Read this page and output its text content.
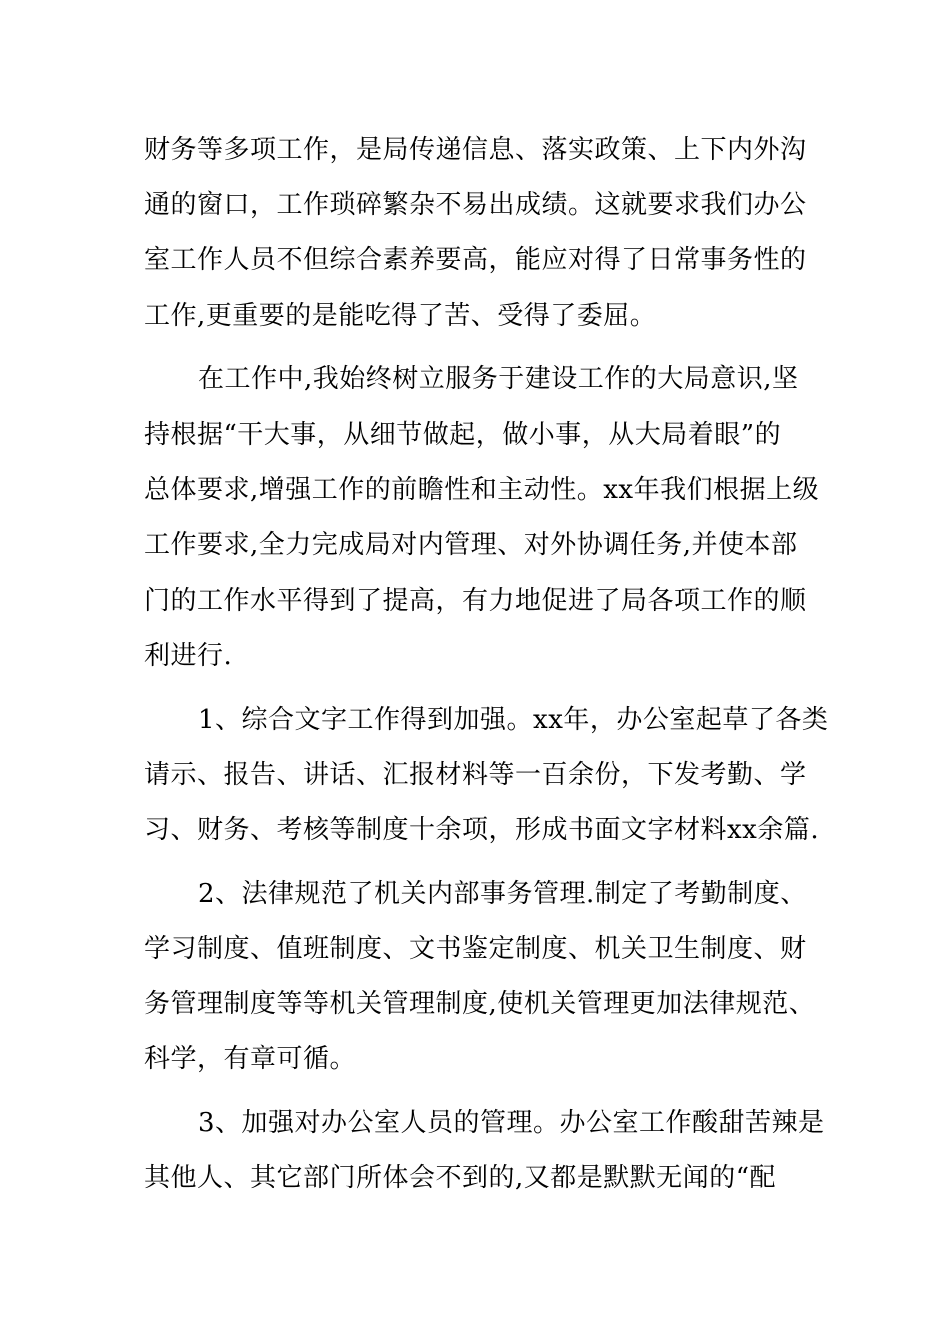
财务等多项工作，是局传递信息、落实政策、上下内外沟
通的窗口，工作琐碎繁杂不易出成绩。这就要求我们办公
室工作人员不但综合素养要高，能应对得了日常事务性的
工作,更重要的是能吃得了苦、受得了委屈。
在工作中,我始终树立服务于建设工作的大局意识,坚
持根据“干大事，从细节做起，做小事，从大局着眼”的
总体要求,增强工作的前瞻性和主动性。xx年我们根据上级
工作要求,全力完成局对内管理、对外协调任务,并使本部
门的工作水平得到了提高，有力地促进了局各项工作的顺
利进行.
1、综合文字工作得到加强。xx年，办公室起草了各类
请示、报告、讲话、汇报材料等一百余份，下发考勤、学
习、财务、考核等制度十余项，形成书面文字材料xx余篇.
2、法律规范了机关内部事务管理.制定了考勤制度、
学习制度、值班制度、文书鉴定制度、机关卫生制度、财
务管理制度等等机关管理制度,使机关管理更加法律规范、
科学，有章可循。
3、加强对办公室人员的管理。办公室工作酸甜苦辣是
其他人、其它部门所体会不到的,又都是默默无闻的“配
